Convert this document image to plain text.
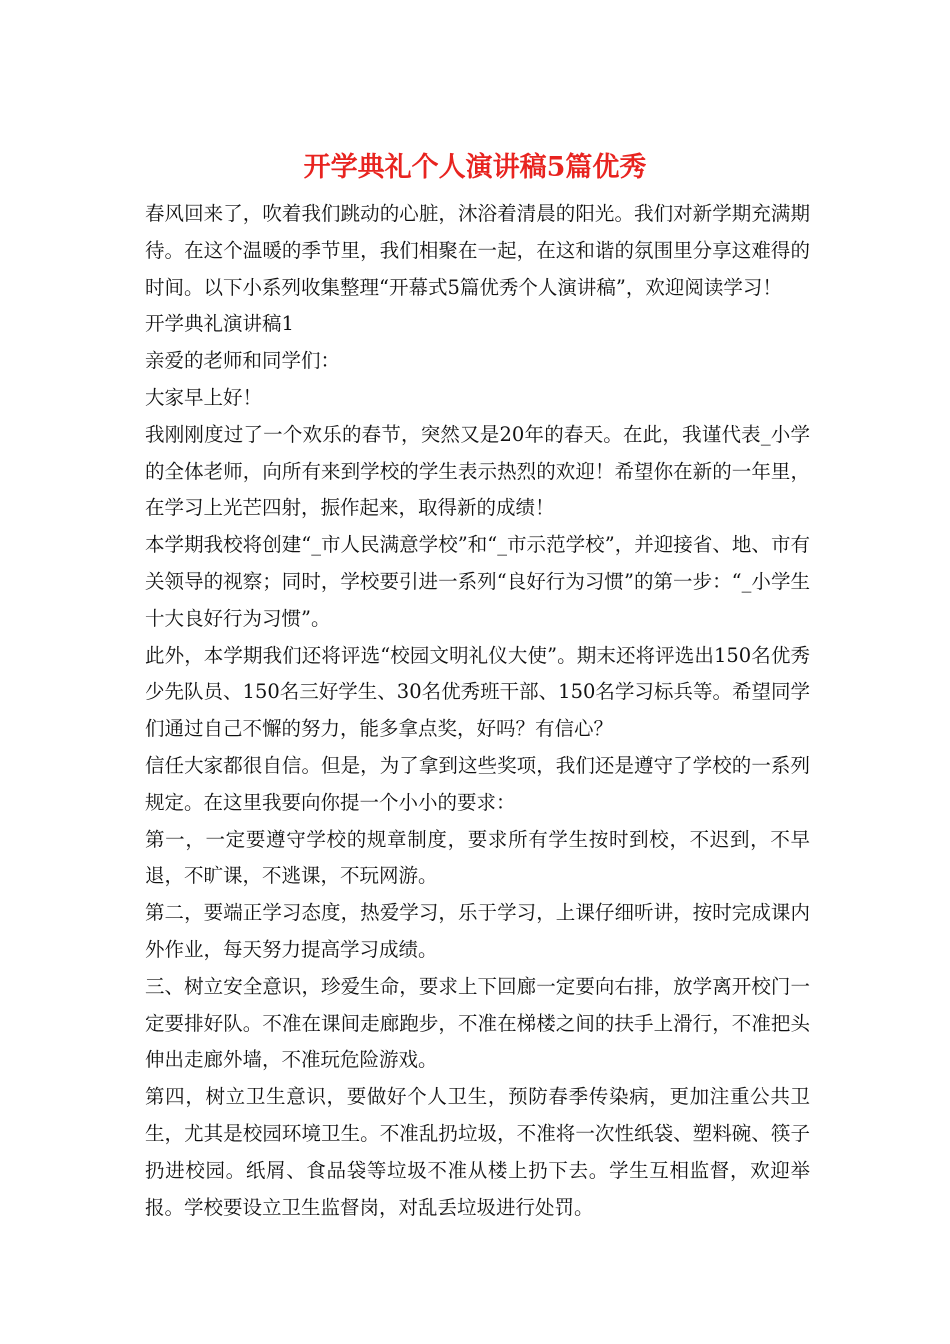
开学典礼个人演讲稿5篇优秀

春风回来了，吹着我们跳动的心脏，沐浴着清晨的阳光。我们对新学期充满期待。在这个温暖的季节里，我们相聚在一起，在这和谐的氛围里分享这难得的时间。以下小系列收集整理“开幕式5篇优秀个人演讲稿”，欢迎阅读学习！

开学典礼演讲稿1

亲爱的老师和同学们：

大家早上好！

我刚刚度过了一个欢乐的春节，突然又是20年的春天。在此，我谨代表_小学的全体老师，向所有来到学校的学生表示热烈的欢迎！希望你在新的一年里，在学习上光芒四射，振作起来，取得新的成绩！

本学期我校将创建“_市人民满意学校”和“_市示范学校”，并迎接省、地、市有关领导的视察；同时，学校要引进一系列“良好行为习惯”的第一步：“_小学生十大良好行为习惯”。

此外，本学期我们还将评选“校园文明礼仪大使”。期末还将评选出150名优秀少先队员、150名三好学生、30名优秀班干部、150名学习标兵等。希望同学们通过自己不懈的努力，能多拿点奖，好吗？有信心？

信任大家都很自信。但是，为了拿到这些奖项，我们还是遵守了学校的一系列规定。在这里我要向你提一个小小的要求：

第一，一定要遵守学校的规章制度，要求所有学生按时到校，不迟到，不早退，不旷课，不逃课，不玩网游。

第二，要端正学习态度，热爱学习，乐于学习，上课仔细听讲，按时完成课内外作业，每天努力提高学习成绩。

三、树立安全意识，珍爱生命，要求上下回廊一定要向右排，放学离开校门一定要排好队。不准在课间走廊跑步，不准在梯楼之间的扶手上滑行，不准把头伸出走廊外墙，不准玩危险游戏。

第四，树立卫生意识，要做好个人卫生，预防春季传染病，更加注重公共卫生，尤其是校园环境卫生。不准乱扔垃圾，不准将一次性纸袋、塑料碗、筷子扔进校园。纸屑、食品袋等垃圾不准从楼上扔下去。学生互相监督，欢迎举报。学校要设立卫生监督岗，对乱丢垃圾进行处罚。
